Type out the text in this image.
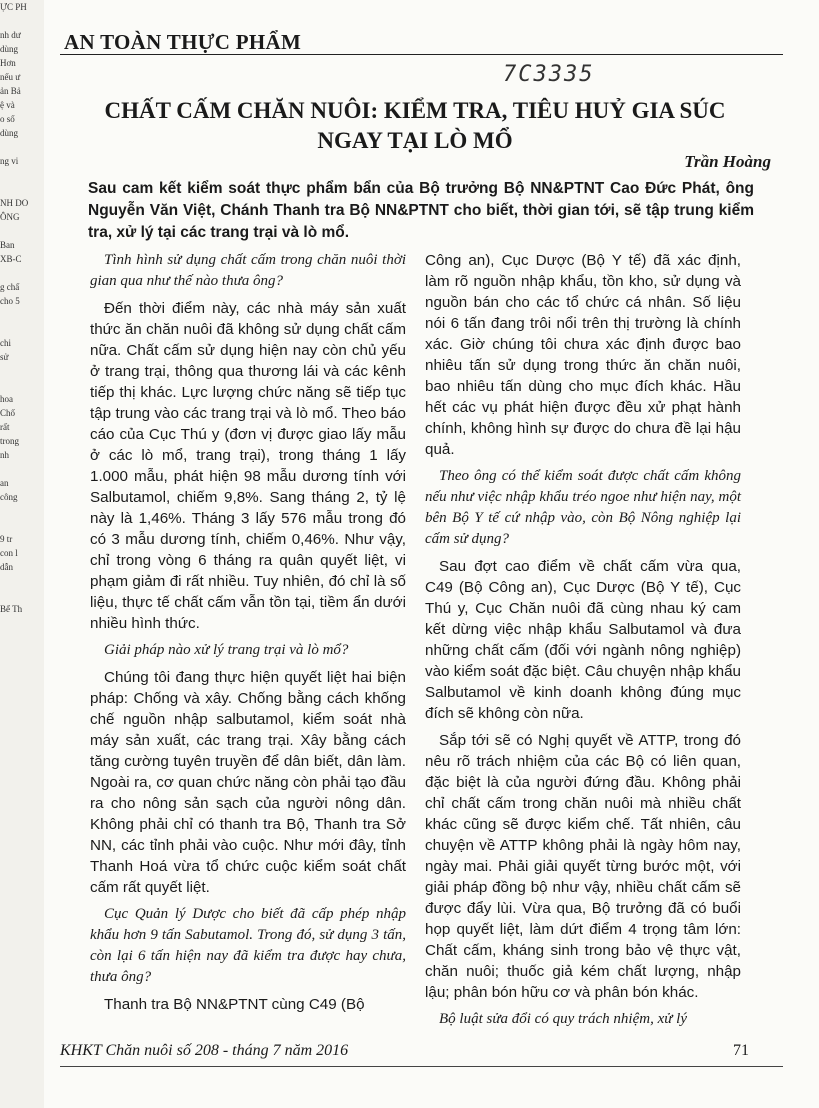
ỰC PH

nh dư
dùng
Hơn
nếu ư
ản Bả
ệ và
o số
dùng

ng vi

NH DO
ÔNG

Ban
XB-C

g chấ
cho 5

chi
sử

hoa
Chố
rất
trong
nh

an
công

9 tr
con l
dẫn

Bể Th
AN TOÀN THỰC PHẨM
7C3335
CHẤT CẤM CHĂN NUÔI: KIỂM TRA, TIÊU HUỶ GIA SÚC NGAY TẠI LÒ MỔ
Trần Hoàng
Sau cam kết kiểm soát thực phẩm bẩn của Bộ trưởng Bộ NN&PTNT Cao Đức Phát, ông Nguyễn Văn Việt, Chánh Thanh tra Bộ NN&PTNT cho biết, thời gian tới, sẽ tập trung kiểm tra, xử lý tại các trang trại và lò mổ.

Tình hình sử dụng chất cấm trong chăn nuôi thời gian qua như thế nào thưa ông?

Đến thời điểm này, các nhà máy sản xuất thức ăn chăn nuôi đã không sử dụng chất cấm nữa. Chất cấm sử dụng hiện nay còn chủ yếu ở trang trại, thông qua thương lái và các kênh tiếp thị khác. Lực lượng chức năng sẽ tiếp tục tập trung vào các trang trại và lò mổ. Theo báo cáo của Cục Thú y (đơn vị được giao lấy mẫu ở các lò mổ, trang trại), trong tháng 1 lấy 1.000 mẫu, phát hiện 98 mẫu dương tính với Salbutamol, chiếm 9,8%. Sang tháng 2, tỷ lệ này là 1,46%. Tháng 3 lấy 576 mẫu trong đó có 3 mẫu dương tính, chiếm 0,46%. Như vậy, chỉ trong vòng 6 tháng ra quân quyết liệt, vi phạm giảm đi rất nhiều. Tuy nhiên, đó chỉ là số liệu, thực tế chất cấm vẫn tồn tại, tiềm ẩn dưới nhiều hình thức.

Giải pháp nào xử lý trang trại và lò mổ?

Chúng tôi đang thực hiện quyết liệt hai biện pháp: Chống và xây. Chống bằng cách khống chế nguồn nhập salbutamol, kiểm soát nhà máy sản xuất, các trang trại. Xây bằng cách tăng cường tuyên truyền để dân biết, dân làm. Ngoài ra, cơ quan chức năng còn phải tạo đầu ra cho nông sản sạch của người nông dân. Không phải chỉ có thanh tra Bộ, Thanh tra Sở NN, các tỉnh phải vào cuộc. Như mới đây, tỉnh Thanh Hoá vừa tổ chức cuộc kiểm soát chất cấm rất quyết liệt.

Cục Quản lý Dược cho biết đã cấp phép nhập khẩu hơn 9 tấn Sabutamol. Trong đó, sử dụng 3 tấn, còn lại 6 tấn hiện nay đã kiểm tra được hay chưa, thưa ông?

Thanh tra Bộ NN&PTNT cùng C49 (Bộ

Công an), Cục Dược (Bộ Y tế) đã xác định, làm rõ nguồn nhập khẩu, tồn kho, sử dụng và nguồn bán cho các tổ chức cá nhân. Số liệu nói 6 tấn đang trôi nổi trên thị trường là chính xác. Giờ chúng tôi chưa xác định được bao nhiêu tấn sử dụng trong thức ăn chăn nuôi, bao nhiêu tấn dùng cho mục đích khác. Hầu hết các vụ phát hiện được đều xử phạt hành chính, không hình sự được do chưa đề lại hậu quả.

Theo ông có thể kiểm soát được chất cấm không nếu như việc nhập khẩu tréo ngoe như hiện nay, một bên Bộ Y tế cứ nhập vào, còn Bộ Nông nghiệp lại cấm sử dụng?

Sau đợt cao điểm về chất cấm vừa qua, C49 (Bộ Công an), Cục Dược (Bộ Y tế), Cục Thú y, Cục Chăn nuôi đã cùng nhau ký cam kết dừng việc nhập khẩu Salbutamol và đưa những chất cấm (đối với ngành nông nghiệp) vào kiểm soát đặc biệt. Câu chuyện nhập khẩu Salbutamol về kinh doanh không đúng mục đích sẽ không còn nữa.

Sắp tới sẽ có Nghị quyết về ATTP, trong đó nêu rõ trách nhiệm của các Bộ có liên quan, đặc biệt là của người đứng đầu. Không phải chỉ chất cấm trong chăn nuôi mà nhiều chất khác cũng sẽ được kiểm chế. Tất nhiên, câu chuyện về ATTP không phải là ngày hôm nay, ngày mai. Phải giải quyết từng bước một, với giải pháp đồng bộ như vậy, nhiều chất cấm sẽ được đẩy lùi. Vừa qua, Bộ trưởng đã có buổi họp quyết liệt, làm dứt điểm 4 trọng tâm lớn: Chất cấm, kháng sinh trong bảo vệ thực vật, chăn nuôi; thuốc giả kém chất lượng, nhập lậu; phân bón hữu cơ và phân bón khác.

Bộ luật sửa đổi có quy trách nhiệm, xử lý

KHKT Chăn nuôi số 208 - tháng 7 năm 2016	71
